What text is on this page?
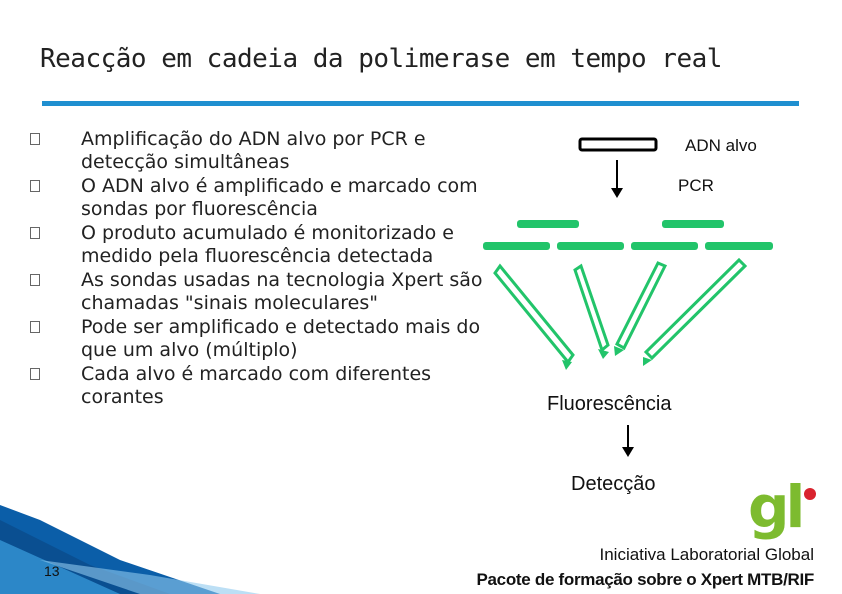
Reacção em cadeia da polimerase em tempo real
Amplificação do ADN alvo por PCR e detecção simultâneas
O ADN alvo é amplificado e marcado com sondas por fluorescência
O produto acumulado é monitorizado e medido pela fluorescência detectada
As sondas usadas na tecnologia Xpert são chamadas "sinais moleculares"
Pode ser amplificado e detectado mais do que um alvo (múltiplo)
Cada alvo é marcado com diferentes corantes
ADN alvo
PCR
Fluorescência
Detecção gl
13
Iniciativa Laboratorial Global
Pacote de formação sobre o Xpert MTB/RIF
